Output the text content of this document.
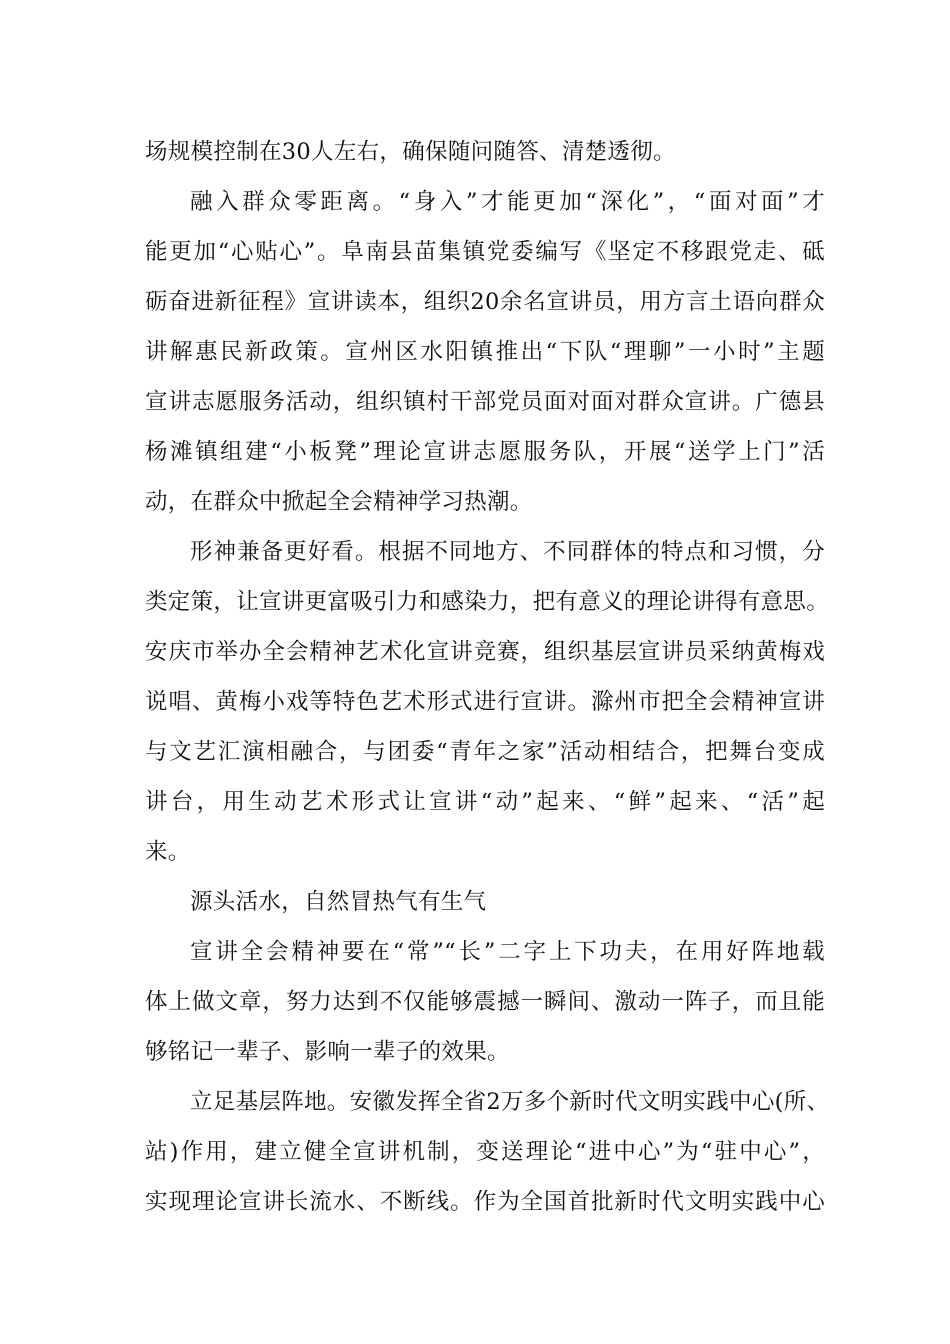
场规模控制在30人左右，确保随问随答、清楚透彻。
融入群众零距离。“身入”才能更加“深化”，“面对面”才
能更加“心贴心”。阜南县苗集镇党委编写《坚定不移跟党走、砥
砺奋进新征程》宣讲读本，组织20余名宣讲员，用方言土语向群众
讲解惠民新政策。宣州区水阳镇推出“下队“理聊”一小时”主题
宣讲志愿服务活动，组织镇村干部党员面对面对群众宣讲。广德县
杨滩镇组建“小板凳”理论宣讲志愿服务队，开展“送学上门”活
动，在群众中掀起全会精神学习热潮。
形神兼备更好看。根据不同地方、不同群体的特点和习惯，分
类定策，让宣讲更富吸引力和感染力，把有意义的理论讲得有意思。
安庆市举办全会精神艺术化宣讲竞赛，组织基层宣讲员采纳黄梅戏
说唱、黄梅小戏等特色艺术形式进行宣讲。滁州市把全会精神宣讲
与文艺汇演相融合，与团委“青年之家”活动相结合，把舞台变成
讲台，用生动艺术形式让宣讲“动”起来、“鲜”起来、“活”起
来。
源头活水，自然冒热气有生气
宣讲全会精神要在“常”“长”二字上下功夫，在用好阵地载
体上做文章，努力达到不仅能够震撼一瞬间、激动一阵子，而且能
够铭记一辈子、影响一辈子的效果。
立足基层阵地。安徽发挥全省2万多个新时代文明实践中心(所、
站)作用，建立健全宣讲机制，变送理论“进中心”为“驻中心”，
实现理论宣讲长流水、不断线。作为全国首批新时代文明实践中心
